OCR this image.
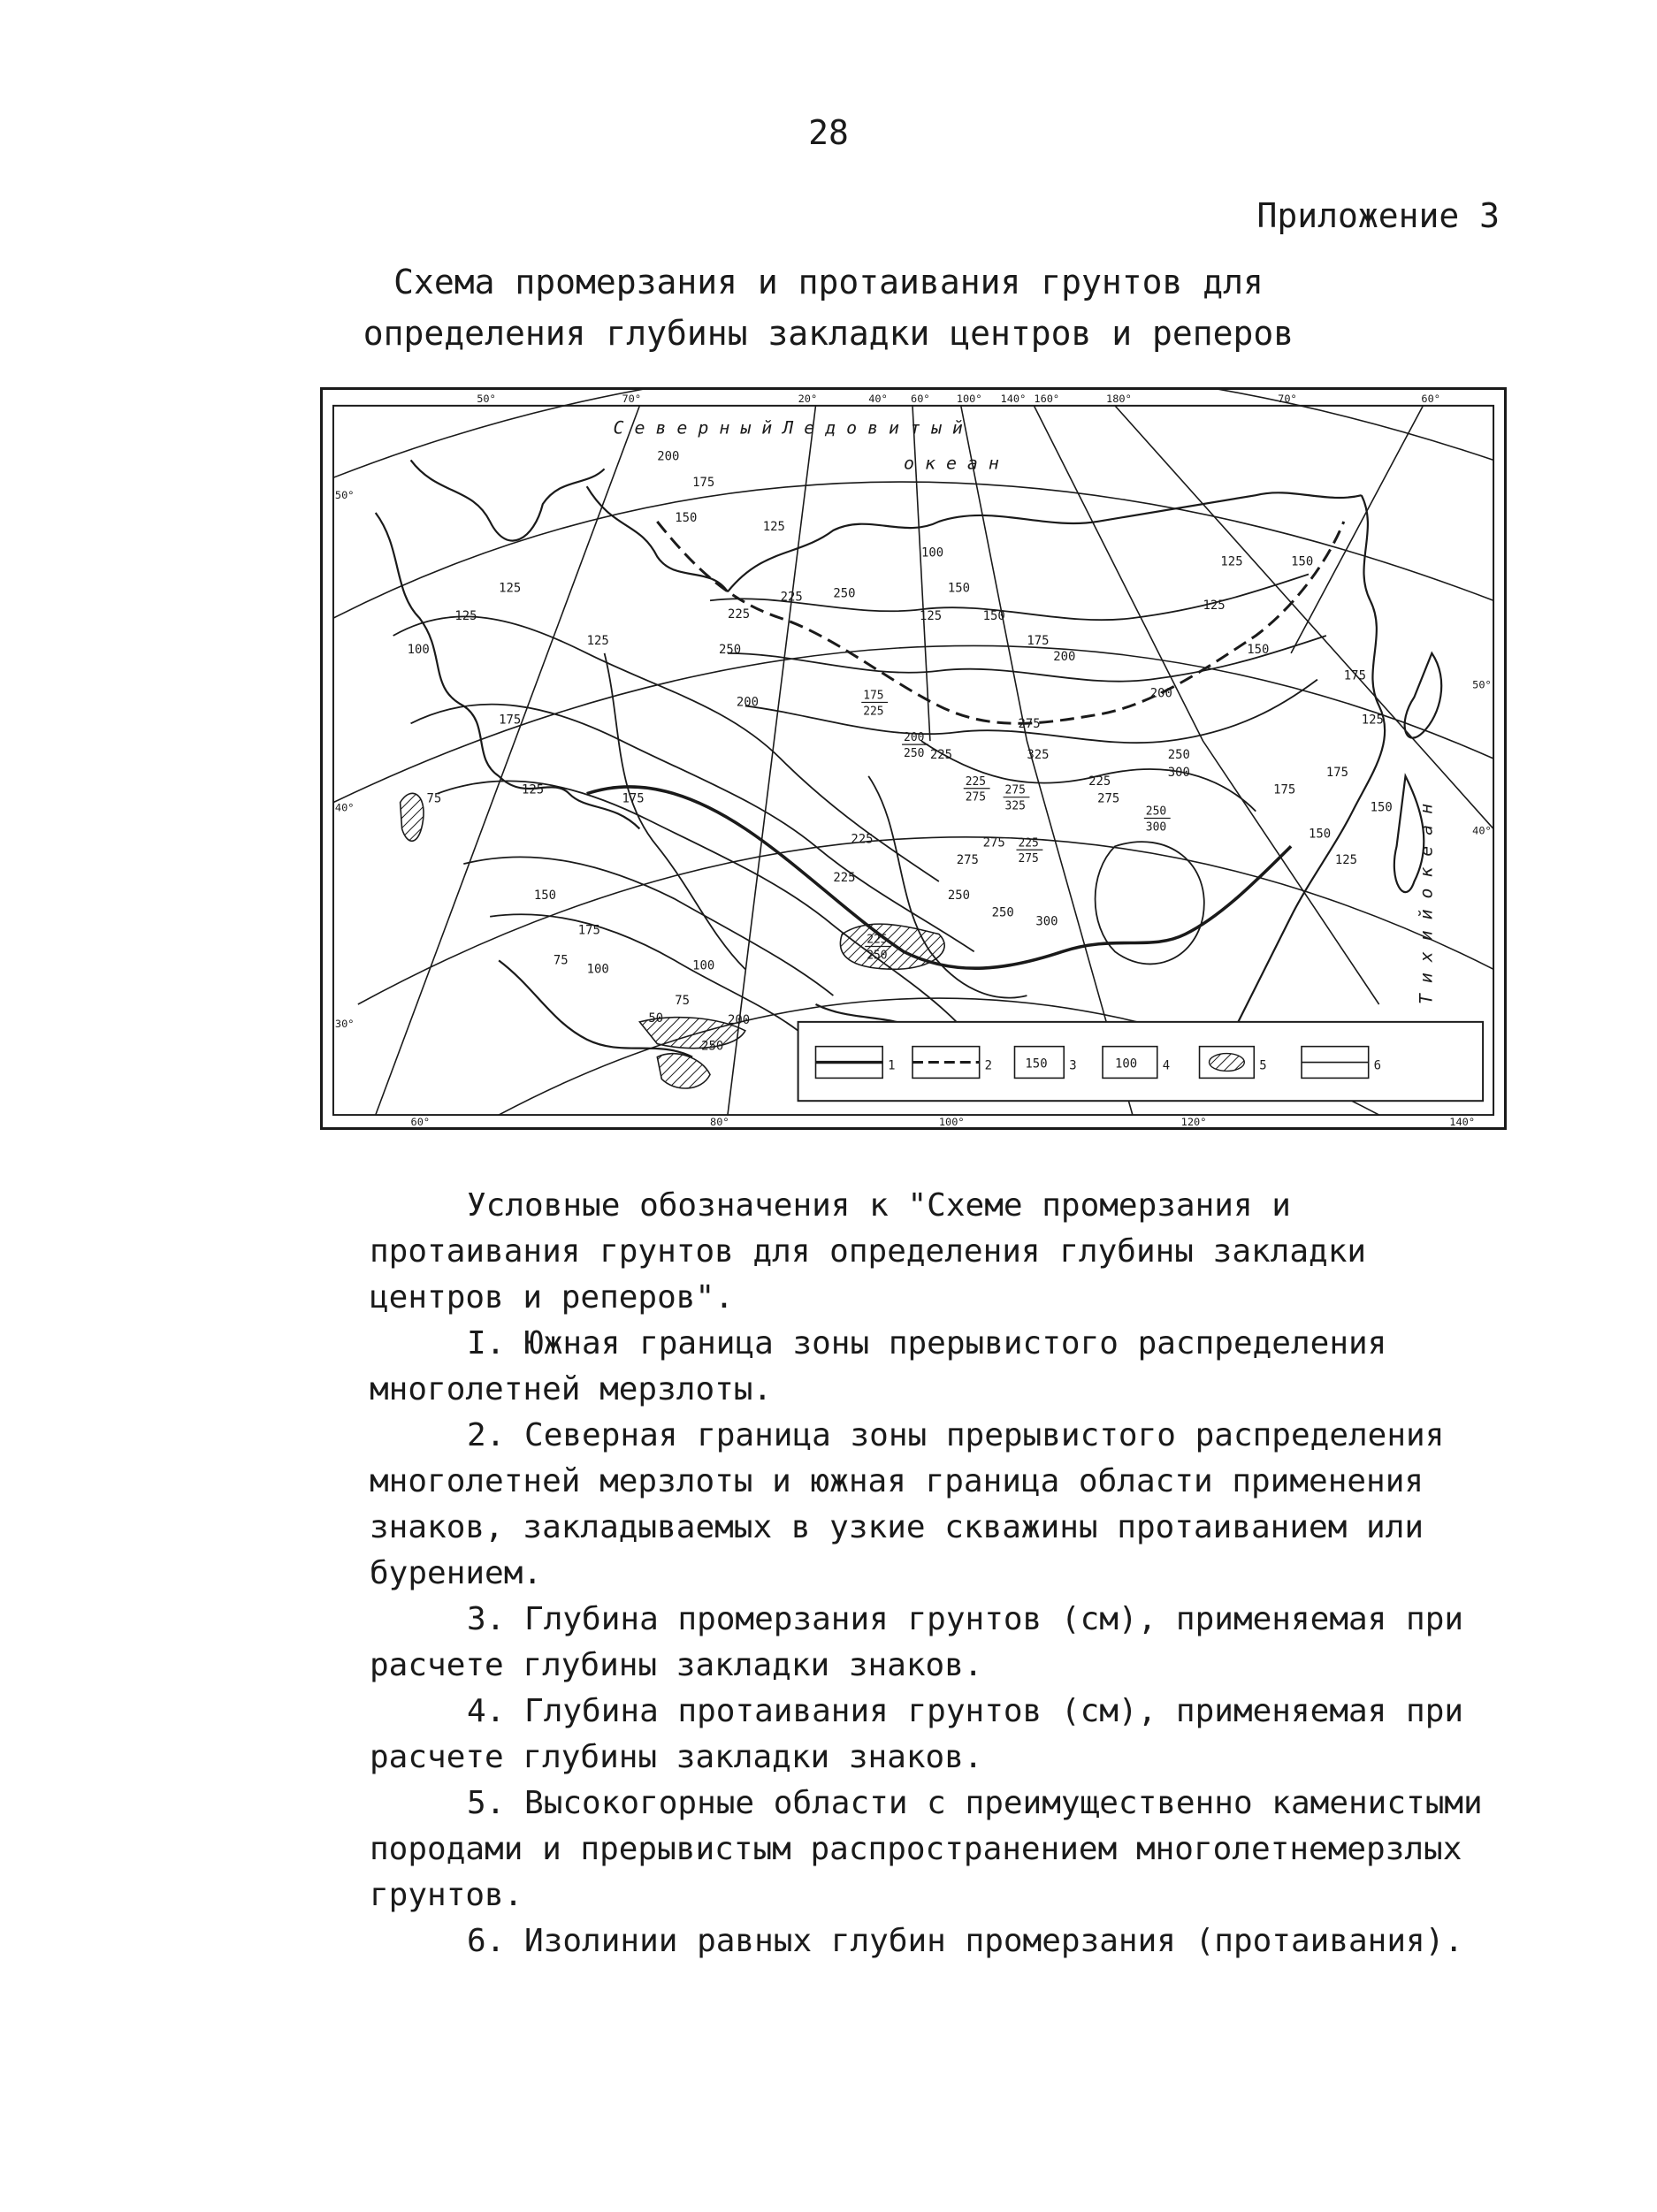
28
Приложение 3
Схема промерзания и протаивания грунтов для
определения глубины закладки центров и реперов
50°	70°	20°	40° 60°	100° 140° 160°	180°	70°	60°
60°	80°	100°	120°	140°
50°
40°
30°
50°
40°
С е в е р н ы й Л е д о в и т ы й
о к е а н
Т и х и й о к е а н
125
100
125
175
75	175
125
150
175
200
125
225
250
225
150
175
100
75
125
100
150
125	150
175
200
200
225 250
225
275
275
325
225
275
250
300
300
275
225
250
200
250
175
150
125
125
150
175
150
125
100
75
50	200
250
175
125
150
200
250
225
275
275
325
225
275
250
300
225
250
175
225
1	2	150 3	100 4	5	6

Условные обозначения к "Схеме промерзания и протаивания грунтов для определения глубины закладки центров и реперов".

I. Южная граница зоны прерывистого распределения многолетней мерзлоты.

2. Северная граница зоны прерывистого распределения многолетней мерзлоты и южная граница области применения знаков, закладываемых в узкие скважины протаиванием или бурением.

3. Глубина промерзания грунтов (см), применяемая при расчете глубины закладки знаков.

4. Глубина протаивания грунтов (см), применяемая при расчете глубины закладки знаков.

5. Высокогорные области с преимущественно каменистыми породами и прерывистым распространением многолетнемерзлых грунтов.

6. Изолинии равных глубин промерзания (протаивания).
